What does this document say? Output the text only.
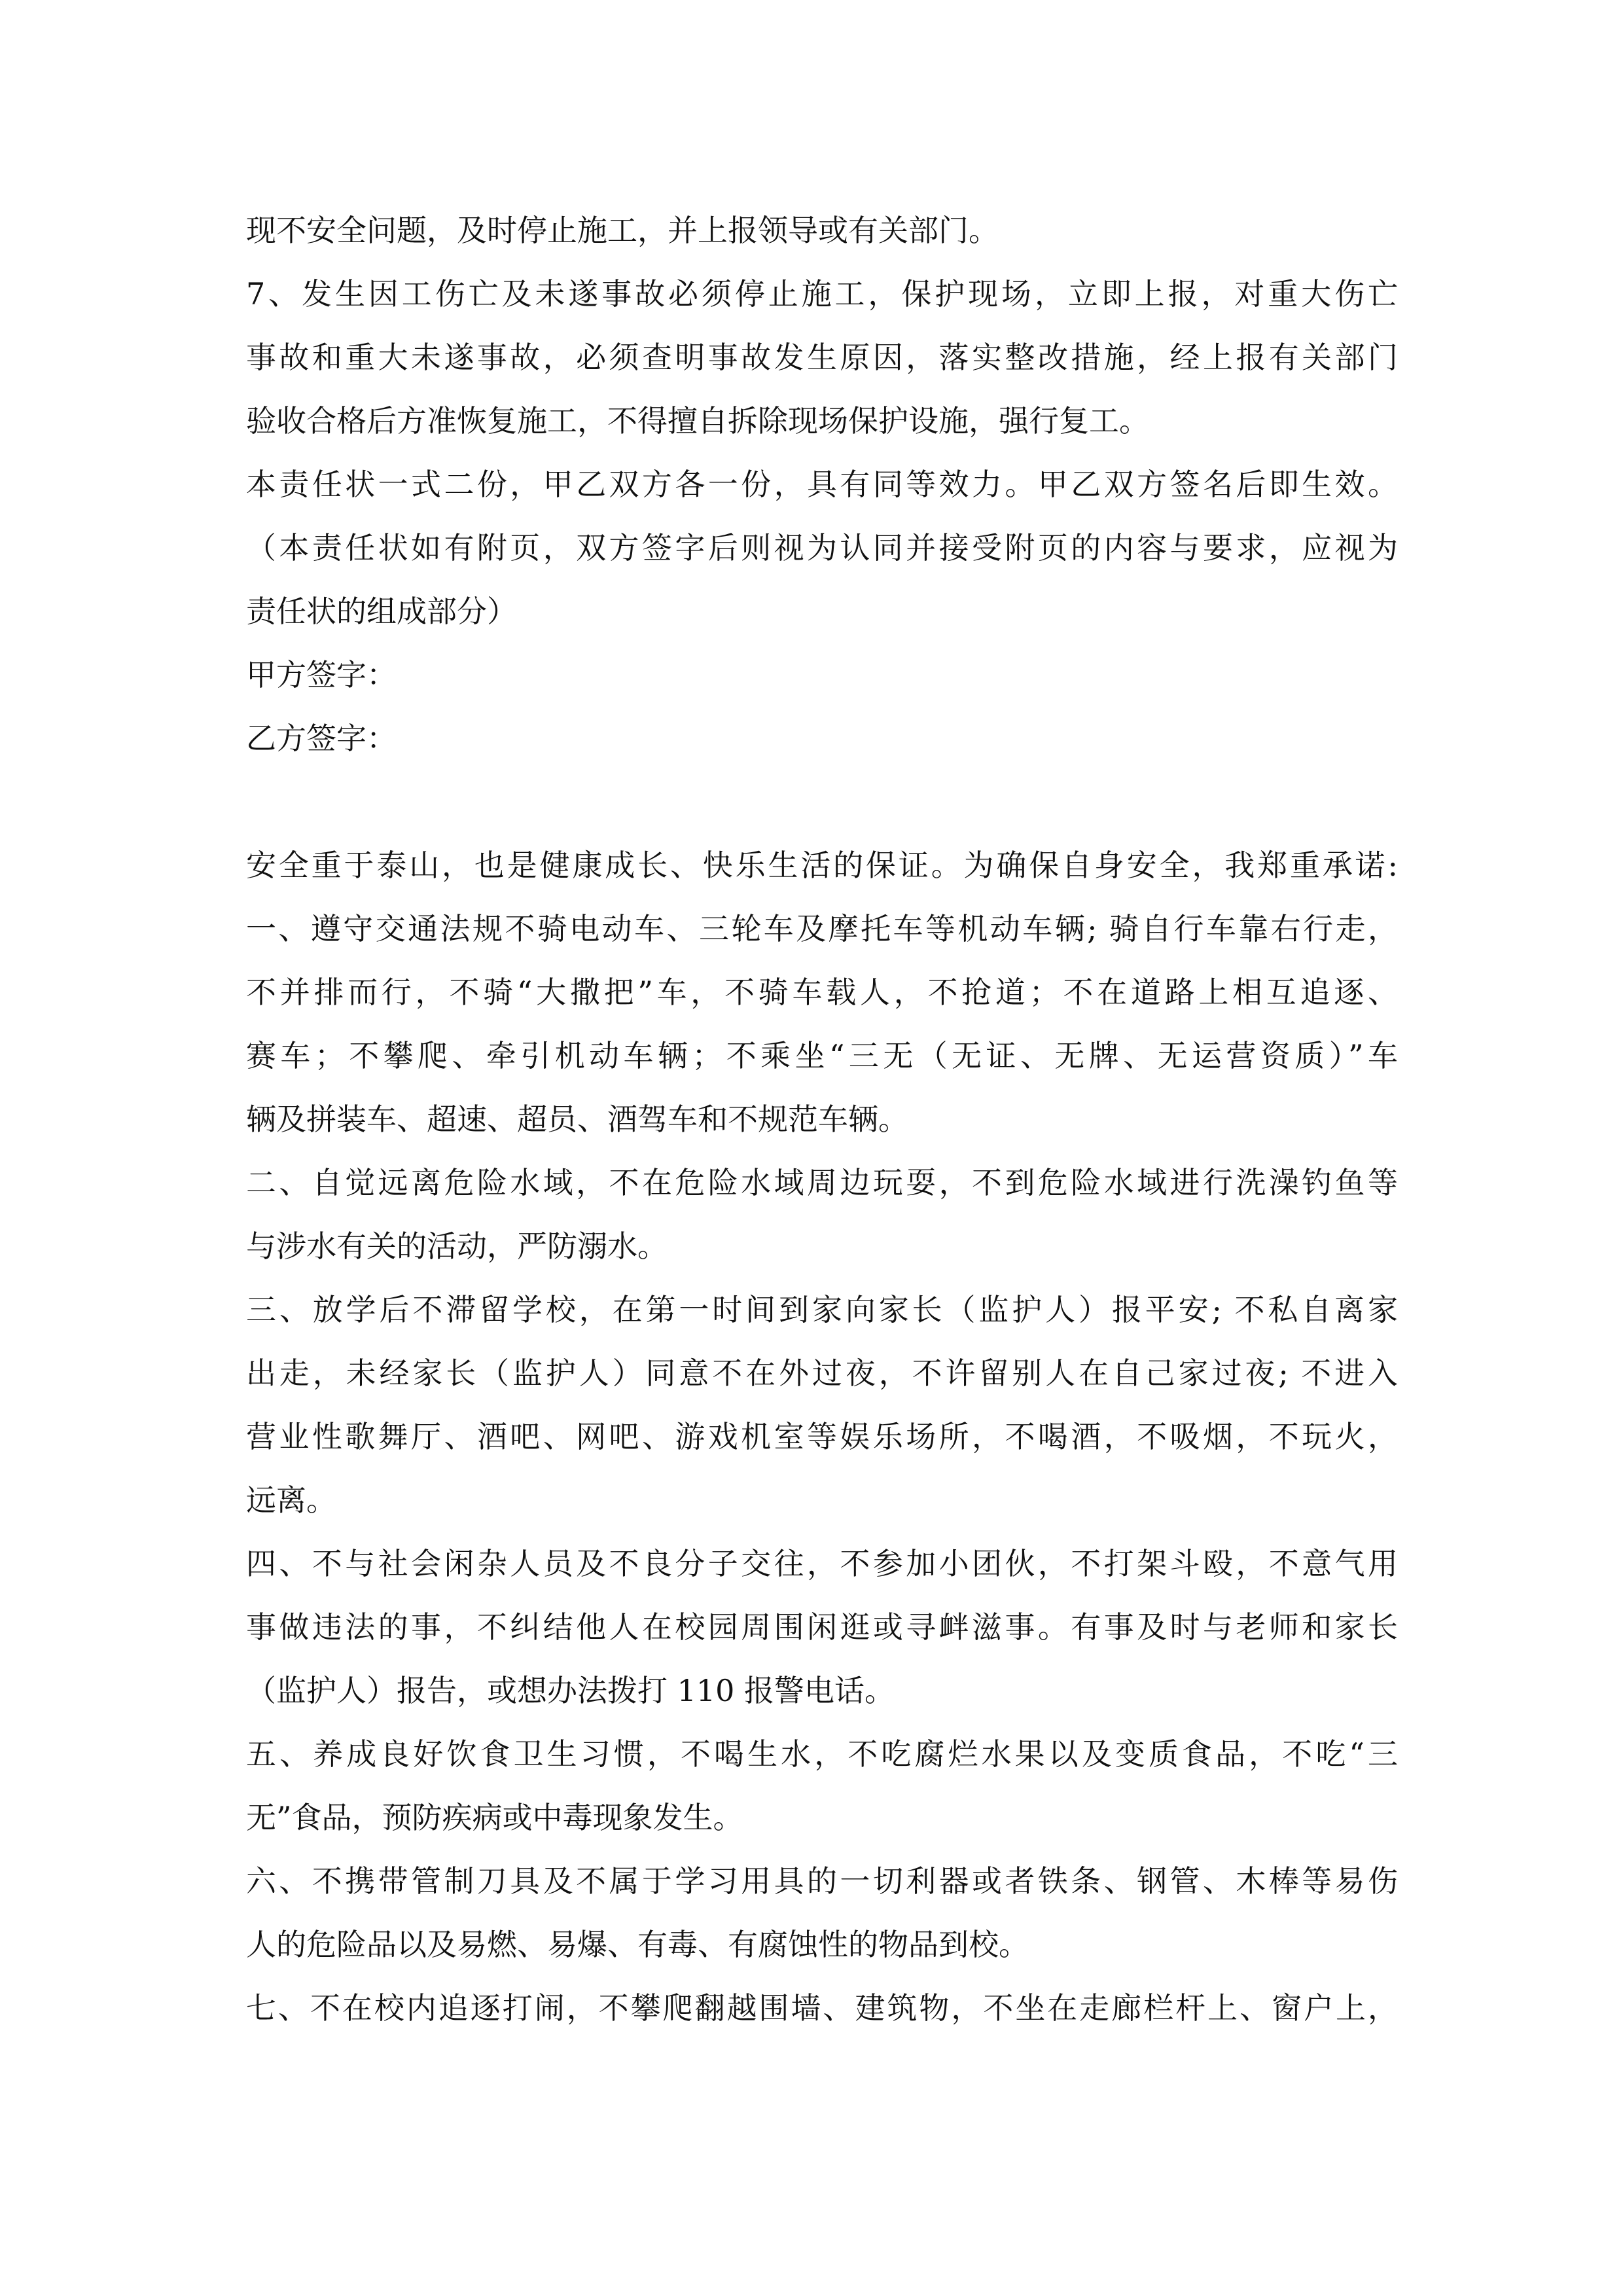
现不安全问题，及时停止施工，并上报领导或有关部门。
7、发生因工伤亡及未遂事故必须停止施工，保护现场，立即上报，对重大伤亡
事故和重大未遂事故，必须查明事故发生原因，落实整改措施，经上报有关部门
验收合格后方准恢复施工，不得擅自拆除现场保护设施，强行复工。
本责任状一式二份，甲乙双方各一份，具有同等效力。甲乙双方签名后即生效。
（本责任状如有附页，双方签字后则视为认同并接受附页的内容与要求，应视为
责任状的组成部分）
甲方签字：
乙方签字：
安全重于泰山，也是健康成长、快乐生活的保证。为确保自身安全，我郑重承诺:
一、遵守交通法规不骑电动车、三轮车及摩托车等机动车辆; 骑自行车靠右行走，
不并排而行，不骑“大撒把”车，不骑车载人，不抢道；不在道路上相互追逐、
赛车；不攀爬、牵引机动车辆；不乘坐“三无（无证、无牌、无运营资质）”车
辆及拼装车、超速、超员、酒驾车和不规范车辆。
二、自觉远离危险水域，不在危险水域周边玩耍，不到危险水域进行洗澡钓鱼等
与涉水有关的活动，严防溺水。
三、放学后不滞留学校，在第一时间到家向家长（监护人）报平安; 不私自离家
出走，未经家长（监护人）同意不在外过夜，不许留别人在自己家过夜; 不进入
营业性歌舞厅、酒吧、网吧、游戏机室等娱乐场所，不喝酒，不吸烟，不玩火，
远离。
四、不与社会闲杂人员及不良分子交往，不参加小团伙，不打架斗殴，不意气用
事做违法的事，不纠结他人在校园周围闲逛或寻衅滋事。有事及时与老师和家长
（监护人）报告，或想办法拨打 110 报警电话。
五、养成良好饮食卫生习惯，不喝生水，不吃腐烂水果以及变质食品，不吃“三
无”食品，预防疾病或中毒现象发生。
六、不携带管制刀具及不属于学习用具的一切利器或者铁条、钢管、木棒等易伤
人的危险品以及易燃、易爆、有毒、有腐蚀性的物品到校。
七、不在校内追逐打闹，不攀爬翻越围墙、建筑物，不坐在走廊栏杆上、窗户上，
